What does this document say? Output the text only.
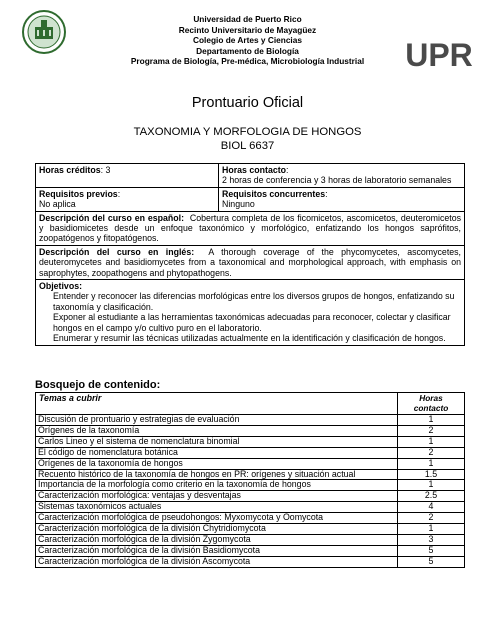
UPR
Universidad de Puerto Rico
Recinto Universitario de Mayagüez
Colegio de Artes y Ciencias
Departamento de Biología
Programa de Biología, Pre-médica, Microbiología Industrial
Prontuario Oficial
TAXONOMIA Y MORFOLOGIA DE HONGOS
BIOL 6637
Horas créditos: 3	Horas contacto:
2 horas de conferencia y 3 horas de laboratorio semanales
Requisitos previos:
No aplica	Requisitos concurrentes:
Ninguno
Descripción del curso en español: Cobertura completa de los ficomicetos, ascomicetos, deuteromicetos y basidiomicetes desde un enfoque taxonómico y morfológico, enfatizando los hongos saprófitos, zoopatógenos y fitopatógenos.	
Descripción del curso en inglés: A thorough coverage of the phycomycetes, ascomycetes, deuteromycetes and basidiomycetes from a taxonomical and morphological approach, with emphasis on saprophytes, zoopathogens and phytopathogens.	
Objetivos:

Entender y reconocer las diferencias morfológicas entre los diversos grupos de hongos, enfatizando su taxonomía y clasificación.

Exponer al estudiante a las herramientas taxonómicas adecuadas para reconocer, colectar y clasificar hongos en el campo y/o cultivo puro en el laboratorio.

Enumerar y resumir las técnicas utilizadas actualmente en la identificación y clasificación de hongos.	

Bosquejo de contenido:
Temas a cubrir	Horas contacto
Discusión de prontuario y estrategias de evaluación	1
Orígenes de la taxonomía	2
Carlos Lineo y el sistema de nomenclatura binomial	1
El código de nomenclatura botánica	2
Orígenes de la taxonomía de hongos	1
Recuento histórico de la taxonomía de hongos en PR: orígenes y situación actual	1.5
Importancia de la morfología como criterio en la taxonomía de hongos	1
Caracterización morfológica: ventajas y desventajas	2.5
Sistemas taxonómicos actuales	4
Caracterización morfológica de pseudohongos: Myxomycota y Oomycota	2
Caracterización morfológica de la división Chytridiomycota	1
Caracterización morfológica de la división Zygomycota	3
Caracterización morfológica de la división Basidiomycota	5
Caracterización morfológica de la división Ascomycota	5
